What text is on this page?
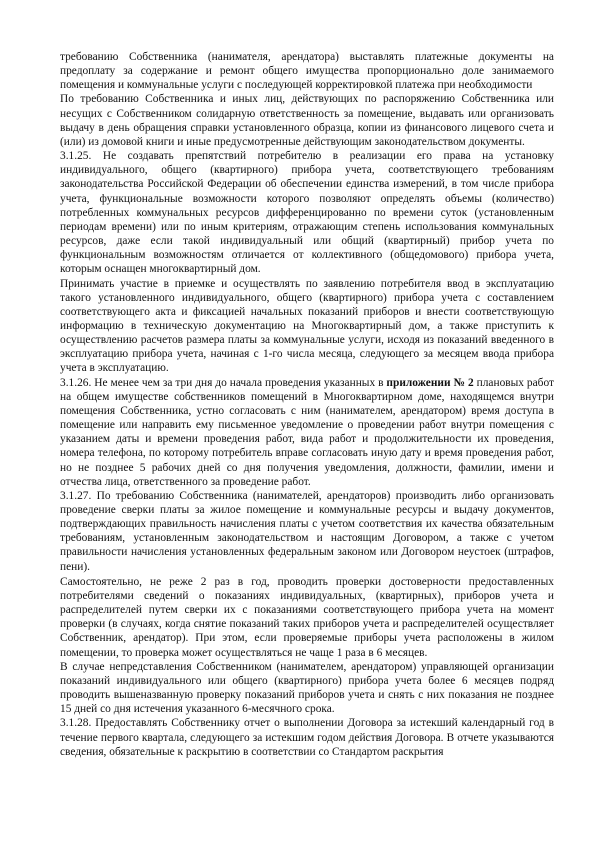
требованию Собственника (нанимателя, арендатора) выставлять платежные документы на предоплату за содержание и ремонт общего имущества пропорционально доле занимаемого помещения и коммунальные услуги с последующей корректировкой платежа при необходимости

По требованию Собственника и иных лиц, действующих по распоряжению Собственника или несущих с Собственником солидарную ответственность за помещение, выдавать или организовать выдачу в день обращения справки установленного образца, копии из финансового лицевого счета и (или) из домовой книги и иные предусмотренные действующим законодательством документы.

3.1.25. Не создавать препятствий потребителю в реализации его права на установку индивидуального, общего (квартирного) прибора учета, соответствующего требованиям законодательства Российской Федерации об обеспечении единства измерений, в том числе прибора учета, функциональные возможности которого позволяют определять объемы (количество) потребленных коммунальных ресурсов дифференцированно по времени суток (установленным периодам времени) или по иным критериям, отражающим степень использования коммунальных ресурсов, даже если такой индивидуальный или общий (квартирный) прибор учета по функциональным возможностям отличается от коллективного (общедомового) прибора учета, которым оснащен многоквартирный дом.

Принимать участие в приемке и осуществлять по заявлению потребителя ввод в эксплуатацию такого установленного индивидуального, общего (квартирного) прибора учета с составлением соответствующего акта и фиксацией начальных показаний приборов и внести соответствующую информацию в техническую документацию на Многоквартирный дом, а также приступить к осуществлению расчетов размера платы за коммунальные услуги, исходя из показаний введенного в эксплуатацию прибора учета, начиная с 1-го числа месяца, следующего за месяцем ввода прибора учета в эксплуатацию.

3.1.26. Не менее чем за три дня до начала проведения указанных в приложении № 2 плановых работ на общем имуществе собственников помещений в Многоквартирном доме, находящемся внутри помещения Собственника, устно согласовать с ним (нанимателем, арендатором) время доступа в помещение или направить ему письменное уведомление о проведении работ внутри помещения с указанием даты и времени проведения работ, вида работ и продолжительности их проведения, номера телефона, по которому потребитель вправе согласовать иную дату и время проведения работ, но не позднее 5 рабочих дней со дня получения уведомления, должности, фамилии, имени и отчества лица, ответственного за проведение работ.

3.1.27. По требованию Собственника (нанимателей, арендаторов) производить либо организовать проведение сверки платы за жилое помещение и коммунальные ресурсы и выдачу документов, подтверждающих правильность начисления платы с учетом соответствия их качества обязательным требованиям, установленным законодательством и настоящим Договором, а также с учетом правильности начисления установленных федеральным законом или Договором неустоек (штрафов, пени).

Самостоятельно, не реже 2 раз в год, проводить проверки достоверности предоставленных потребителями сведений о показаниях индивидуальных, (квартирных), приборов учета и распределителей путем сверки их с показаниями соответствующего прибора учета на момент проверки (в случаях, когда снятие показаний таких приборов учета и распределителей осуществляет Собственник, арендатор). При этом, если проверяемые приборы учета расположены в жилом помещении, то проверка может осуществляться не чаще 1 раза в 6 месяцев.

В случае непредставления Собственником (нанимателем, арендатором) управляющей организации показаний индивидуального или общего (квартирного) прибора учета более 6 месяцев подряд проводить вышеназванную проверку показаний приборов учета и снять с них показания не позднее 15 дней со дня истечения указанного 6-месячного срока.

3.1.28. Предоставлять Собственнику отчет о выполнении Договора за истекший календарный год в течение первого квартала, следующего за истекшим годом действия Договора. В отчете указываются сведения, обязательные к раскрытию в соответствии со Стандартом раскрытия
